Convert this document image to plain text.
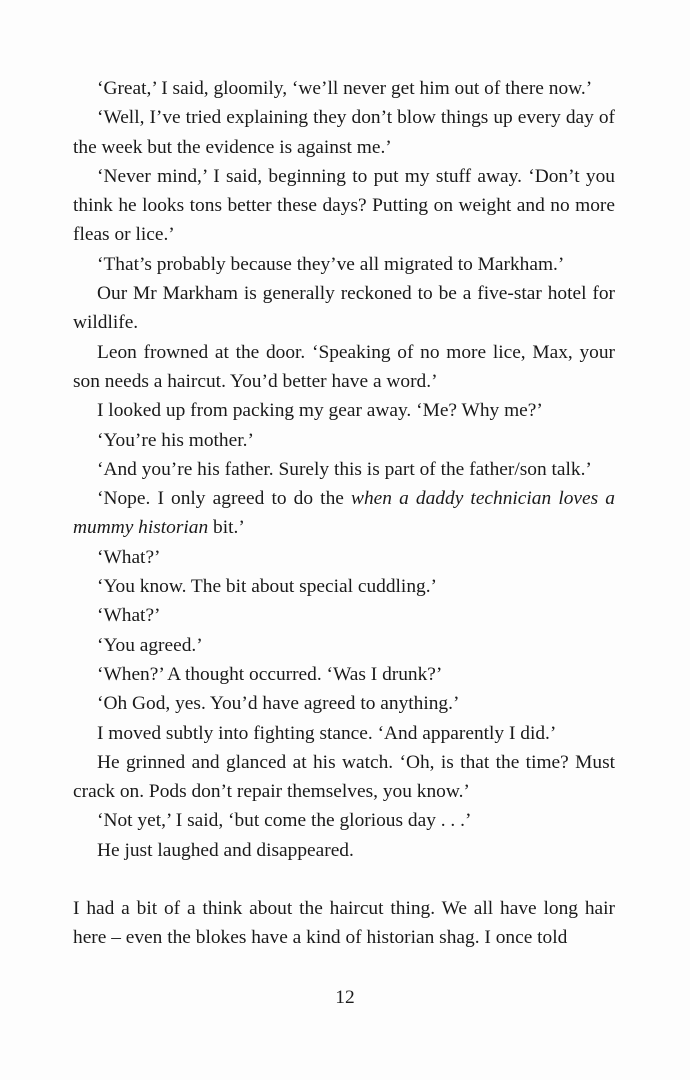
‘Great,’ I said, gloomily, ‘we’ll never get him out of there now.’

‘Well, I’ve tried explaining they don’t blow things up every day of the week but the evidence is against me.’

‘Never mind,’ I said, beginning to put my stuff away. ‘Don’t you think he looks tons better these days? Putting on weight and no more fleas or lice.’

‘That’s probably because they’ve all migrated to Markham.’

Our Mr Markham is generally reckoned to be a five-star hotel for wildlife.

Leon frowned at the door. ‘Speaking of no more lice, Max, your son needs a haircut. You’d better have a word.’

I looked up from packing my gear away. ‘Me? Why me?’

‘You’re his mother.’

‘And you’re his father. Surely this is part of the father/son talk.’

‘Nope. I only agreed to do the when a daddy technician loves a mummy historian bit.’

‘What?’

‘You know. The bit about special cuddling.’

‘What?’

‘You agreed.’

‘When?’ A thought occurred. ‘Was I drunk?’

‘Oh God, yes. You’d have agreed to anything.’

I moved subtly into fighting stance. ‘And apparently I did.’

He grinned and glanced at his watch. ‘Oh, is that the time? Must crack on. Pods don’t repair themselves, you know.’

‘Not yet,’ I said, ‘but come the glorious day . . .’

He just laughed and disappeared.

I had a bit of a think about the haircut thing. We all have long hair here – even the blokes have a kind of historian shag. I once told

12
